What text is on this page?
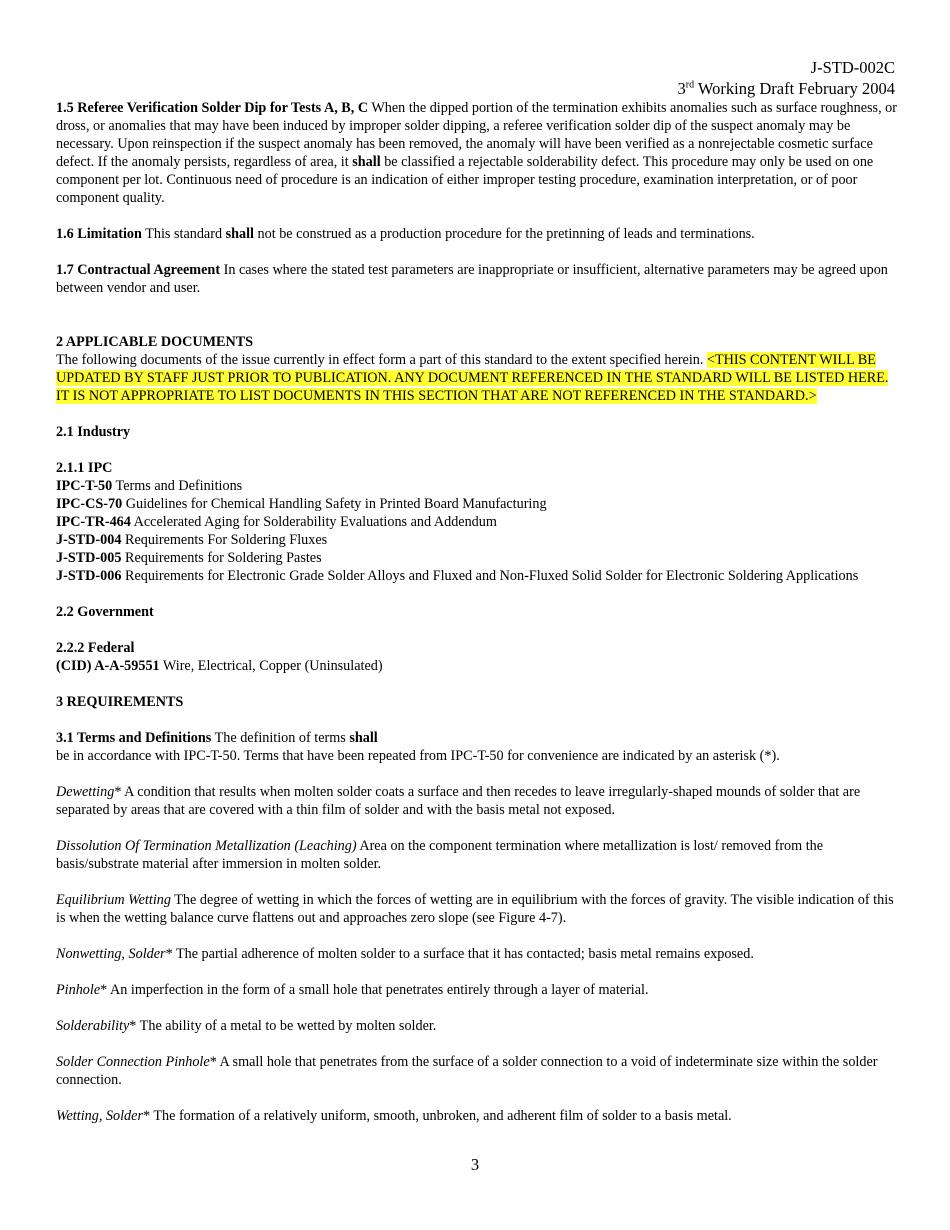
J-STD-002C
3rd Working Draft February 2004

1.5 Referee Verification Solder Dip for Tests A, B, C When the dipped portion of the termination exhibits anomalies such as surface roughness, or dross, or anomalies that may have been induced by improper solder dipping, a referee verification solder dip of the suspect anomaly may be necessary. Upon reinspection if the suspect anomaly has been removed, the anomaly will have been verified as a nonrejectable cosmetic surface defect. If the anomaly persists, regardless of area, it shall be classified a rejectable solderability defect. This procedure may only be used on one component per lot. Continuous need of procedure is an indication of either improper testing procedure, examination interpretation, or of poor component quality.

1.6 Limitation This standard shall not be construed as a production procedure for the pretinning of leads and terminations.

1.7 Contractual Agreement In cases where the stated test parameters are inappropriate or insufficient, alternative parameters may be agreed upon between vendor and user.

2 APPLICABLE DOCUMENTS

The following documents of the issue currently in effect form a part of this standard to the extent specified herein. <THIS CONTENT WILL BE UPDATED BY STAFF JUST PRIOR TO PUBLICATION. ANY DOCUMENT REFERENCED IN THE STANDARD WILL BE LISTED HERE. IT IS NOT APPROPRIATE TO LIST DOCUMENTS IN THIS SECTION THAT ARE NOT REFERENCED IN THE STANDARD.>

2.1 Industry

2.1.1 IPC

IPC-T-50 Terms and Definitions

IPC-CS-70 Guidelines for Chemical Handling Safety in Printed Board Manufacturing

IPC-TR-464 Accelerated Aging for Solderability Evaluations and Addendum

J-STD-004 Requirements For Soldering Fluxes

J-STD-005 Requirements for Soldering Pastes

J-STD-006 Requirements for Electronic Grade Solder Alloys and Fluxed and Non-Fluxed Solid Solder for Electronic Soldering Applications

2.2 Government

2.2.2 Federal

(CID) A-A-59551 Wire, Electrical, Copper (Uninsulated)

3 REQUIREMENTS

3.1 Terms and Definitions The definition of terms shall

be in accordance with IPC-T-50. Terms that have been repeated from IPC-T-50 for convenience are indicated by an asterisk (*).

Dewetting* A condition that results when molten solder coats a surface and then recedes to leave irregularly-shaped mounds of solder that are separated by areas that are covered with a thin film of solder and with the basis metal not exposed.

Dissolution Of Termination Metallization (Leaching) Area on the component termination where metallization is lost/ removed from the basis/substrate material after immersion in molten solder.

Equilibrium Wetting The degree of wetting in which the forces of wetting are in equilibrium with the forces of gravity. The visible indication of this is when the wetting balance curve flattens out and approaches zero slope (see Figure 4-7).

Nonwetting, Solder* The partial adherence of molten solder to a surface that it has contacted; basis metal remains exposed.

Pinhole* An imperfection in the form of a small hole that penetrates entirely through a layer of material.

Solderability* The ability of a metal to be wetted by molten solder.

Solder Connection Pinhole* A small hole that penetrates from the surface of a solder connection to a void of indeterminate size within the solder connection.

Wetting, Solder* The formation of a relatively uniform, smooth, unbroken, and adherent film of solder to a basis metal.

3
